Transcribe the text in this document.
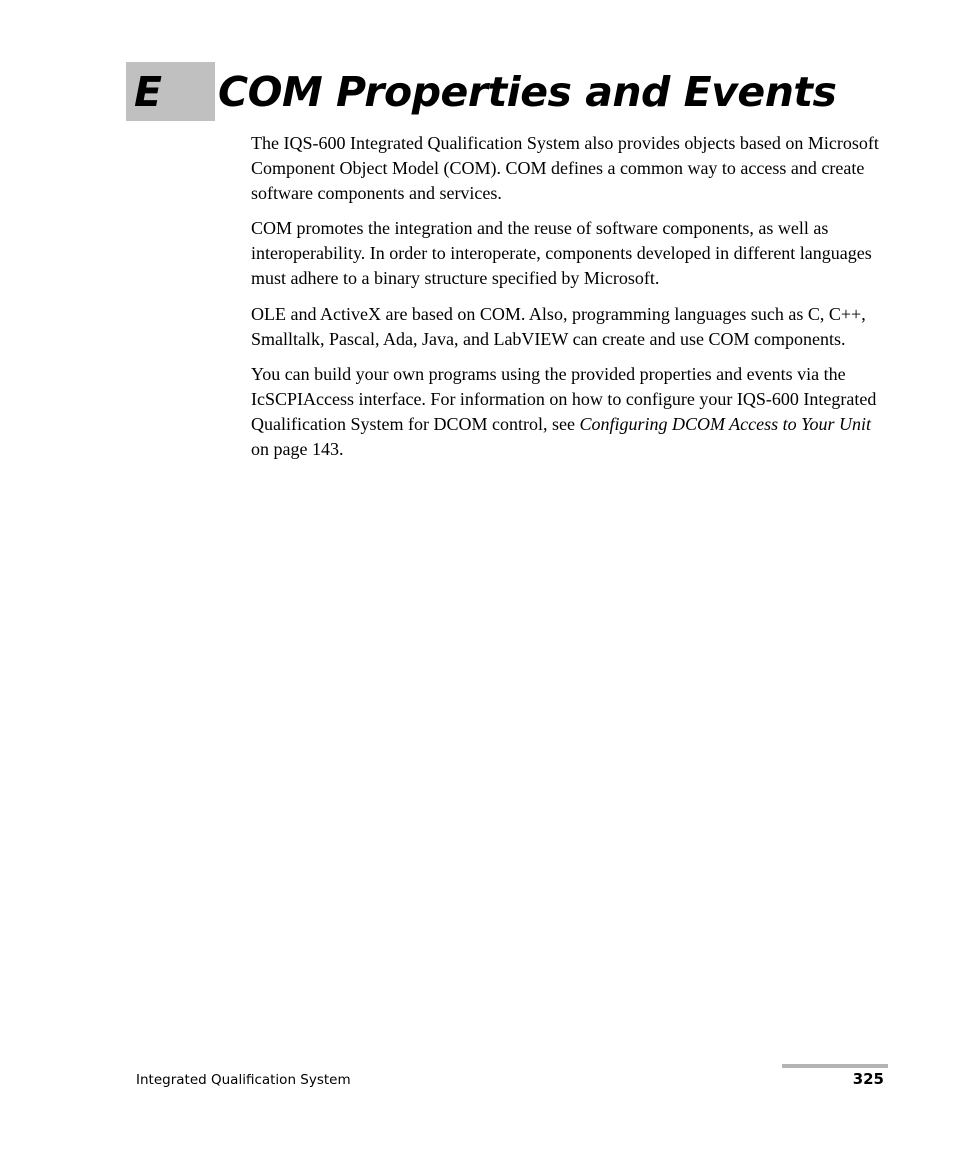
E COM Properties and Events

The IQS-600 Integrated Qualification System also provides objects based on Microsoft Component Object Model (COM). COM defines a common way to access and create software components and services.

COM promotes the integration and the reuse of software components, as well as interoperability. In order to interoperate, components developed in different languages must adhere to a binary structure specified by Microsoft.

OLE and ActiveX are based on COM. Also, programming languages such as C, C++, Smalltalk, Pascal, Ada, Java, and LabVIEW can create and use COM components.

You can build your own programs using the provided properties and events via the IcSCPIAccess interface. For information on how to configure your IQS-600 Integrated Qualification System for DCOM control, see Configuring DCOM Access to Your Unit on page 143.

Integrated Qualification System	325
